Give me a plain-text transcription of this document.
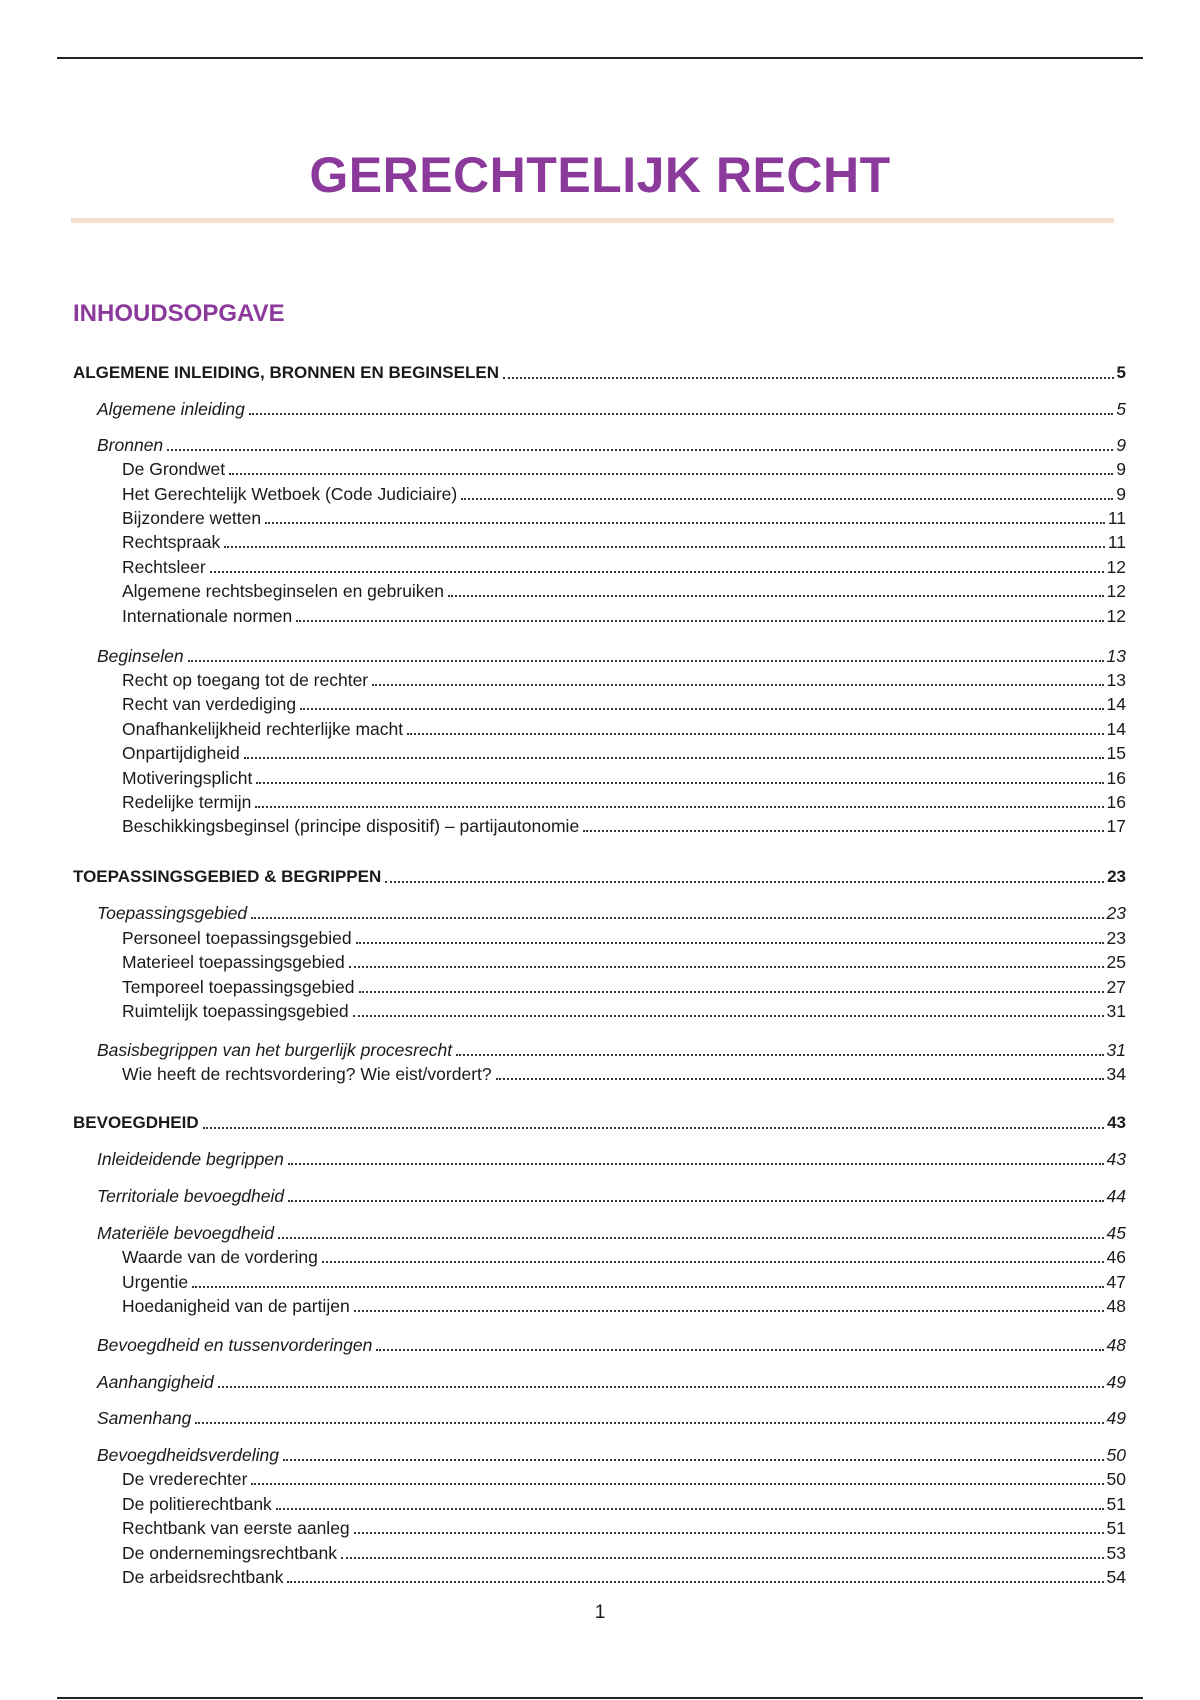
GERECHTELIJK RECHT
INHOUDSOPGAVE
ALGEMENE INLEIDING, BRONNEN EN BEGINSELEN	5
Algemene inleiding	5
Bronnen	9
De Grondwet	9
Het Gerechtelijk Wetboek (Code Judiciaire)	9
Bijzondere wetten	11
Rechtspraak	11
Rechtsleer	12
Algemene rechtsbeginselen en gebruiken	12
Internationale normen	12
Beginselen	13
Recht op toegang tot de rechter	13
Recht van verdediging	14
Onafhankelijkheid rechterlijke macht	14
Onpartijdigheid	15
Motiveringsplicht	16
Redelijke termijn	16
Beschikkingsbeginsel (principe dispositif) – partijautonomie	17
TOEPASSINGSGEBIED & BEGRIPPEN	23
Toepassingsgebied	23
Personeel toepassingsgebied	23
Materieel toepassingsgebied	25
Temporeel toepassingsgebied	27
Ruimtelijk toepassingsgebied	31
Basisbegrippen van het burgerlijk procesrecht	31
Wie heeft de rechtsvordering? Wie eist/vordert?	34
BEVOEGDHEID	43
Inleideidende begrippen	43
Territoriale bevoegdheid	44
Materiële bevoegdheid	45
Waarde van de vordering	46
Urgentie	47
Hoedanigheid van de partijen	48
Bevoegdheid en tussenvorderingen	48
Aanhangigheid	49
Samenhang	49
Bevoegdheidsverdeling	50
De vrederechter	50
De politierechtbank	51
Rechtbank van eerste aanleg	51
De ondernemingsrechtbank	53
De arbeidsrechtbank	54

1
